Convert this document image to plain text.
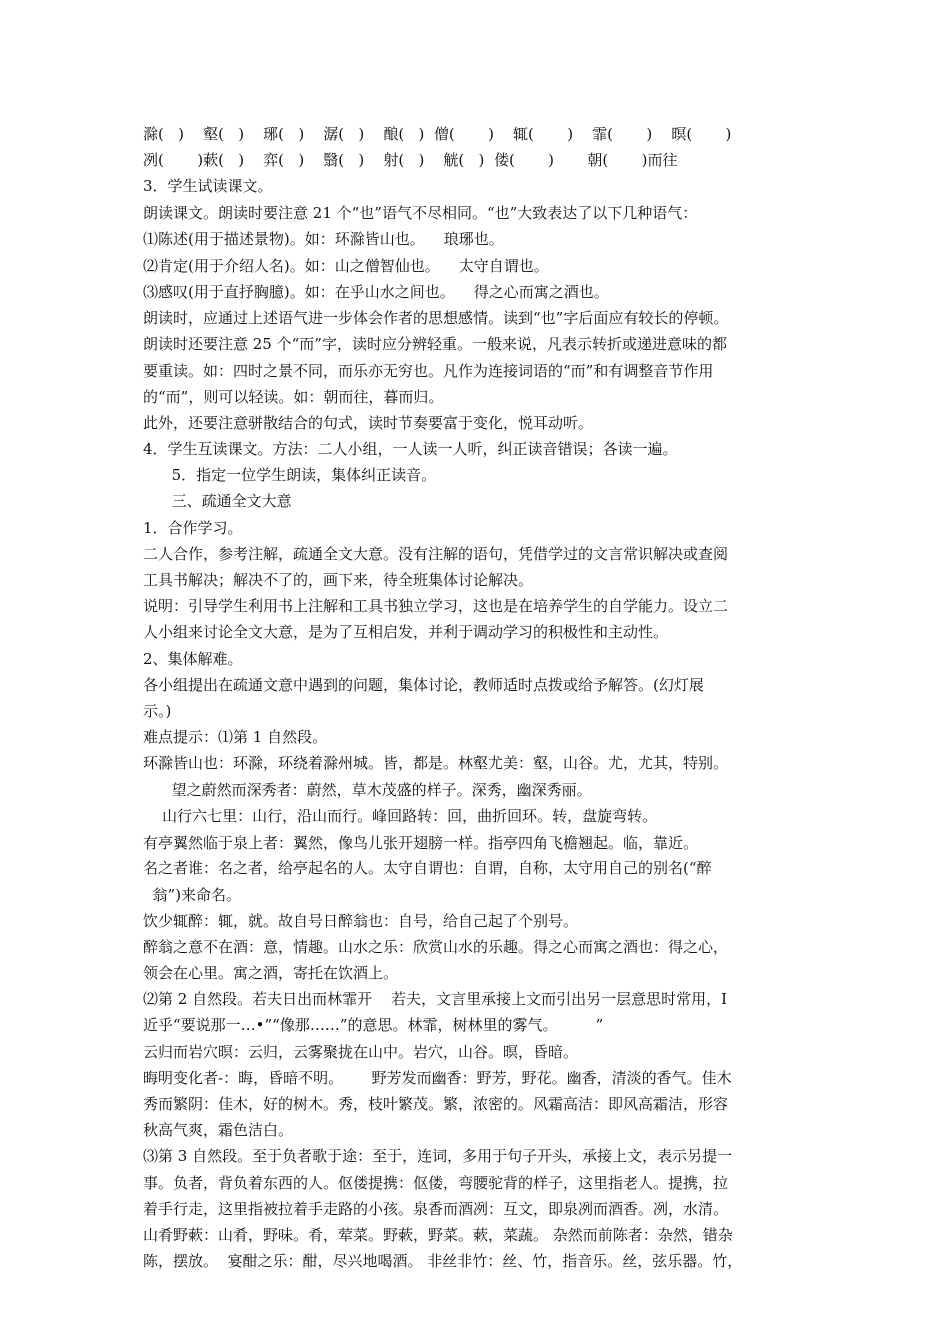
滁(   )    壑(   )    琊(   )    潺(   )    酿(   )  僧(       )    辄(       )    霏(       )    暝(       )
冽(       )蔌(   )    弈(   )    翳(   )    射(   )    觥(   )  偻(       )       朝(       )而往
3．学生试读课文。
朗读课文。朗读时要注意 21 个“也”语气不尽相同。“也”大致表达了以下几种语气：
⑴陈述(用于描述景物)。如：环滁皆山也。    琅琊也。
⑵肯定(用于介绍人名)。如：山之僧智仙也。    太守自谓也。
⑶感叹(用于直抒胸臆)。如：在乎山水之间也。    得之心而寓之酒也。
朗读时，应通过上述语气进一步体会作者的思想感情。读到“也”字后面应有较长的停顿。
朗读时还要注意 25 个“而”字，读时应分辨轻重。一般来说，凡表示转折或递进意味的都
要重读。如：四时之景不同，而乐亦无穷也。凡作为连接词语的“而”和有调整音节作用
的“而”，则可以轻读。如：朝而往，暮而归。
此外，还要注意骈散结合的句式，读时节奏要富于变化，悦耳动听。
4．学生互读课文。方法：二人小组，一人读一人听，纠正读音错误；各读一遍。
5．指定一位学生朗读，集体纠正读音。
三、疏通全文大意
1．合作学习。
二人合作，参考注解，疏通全文大意。没有注解的语句，凭借学过的文言常识解决或查阅
工具书解决；解决不了的，画下来，待全班集体讨论解决。
说明：引导学生利用书上注解和工具书独立学习，这也是在培养学生的自学能力。设立二
人小组来讨论全文大意，是为了互相启发，并利于调动学习的积极性和主动性。
2、集体解难。
各小组提出在疏通文意中遇到的问题，集体讨论，教师适时点拨或给予解答。(幻灯展
示。)
难点提示：⑴第 1 自然段。
环滁皆山也：环滁，环绕着滁州城。皆，都是。林壑尤美：壑，山谷。尤，尤其，特别。
望之蔚然而深秀者：蔚然，草木茂盛的样子。深秀，幽深秀丽。
山行六七里：山行，沿山而行。峰回路转：回，曲折回环。转，盘旋弯转。
有亭翼然临于泉上者：翼然，像鸟儿张开翅膀一样。指亭四角飞檐翘起。临，靠近。
名之者谁：名之者，给亭起名的人。太守自谓也：自谓，自称，太守用自己的别名(“醉
翁”)来命名。
饮少辄醉：辄，就。故自号日醉翁也：自号，给自己起了个别号。
醉翁之意不在酒：意，情趣。山水之乐：欣赏山水的乐趣。得之心而寓之酒也：得之心，
领会在心里。寓之酒，寄托在饮酒上。
⑵第 2 自然段。若夫日出而林霏开    若夫，文言里承接上文而引出另一层意思时常用，I
近乎“要说那一…•”“像那……”的意思。林霏，树林里的雾气。        ”
云归而岩穴暝：云归，云雾聚拢在山中。岩穴，山谷。暝，昏暗。
晦明变化者-：晦，昏暗不明。      野芳发而幽香：野芳，野花。幽香，清淡的香气。佳木
秀而繁阴：佳木，好的树木。秀，枝叶繁茂。繁，浓密的。风霜高洁：即风高霜洁，形容
秋高气爽，霜色洁白。
⑶第 3 自然段。至于负者歌于途：至于，连词，多用于句子开头，承接上文，表示另提一
事。负者，背负着东西的人。伛偻提携：伛偻，弯腰驼背的样子，这里指老人。提携，拉
着手行走，这里指被拉着手走路的小孩。泉香而酒冽：互文，即泉冽而酒香。冽，水清。
山肴野蔌：山肴，野味。肴，荤菜。野蔌，野菜。蔌，菜蔬。 杂然而前陈者：杂然，错杂
陈，摆放。  宴酣之乐：酣，尽兴地喝酒。 非丝非竹：丝、竹，指音乐。丝，弦乐器。竹，
